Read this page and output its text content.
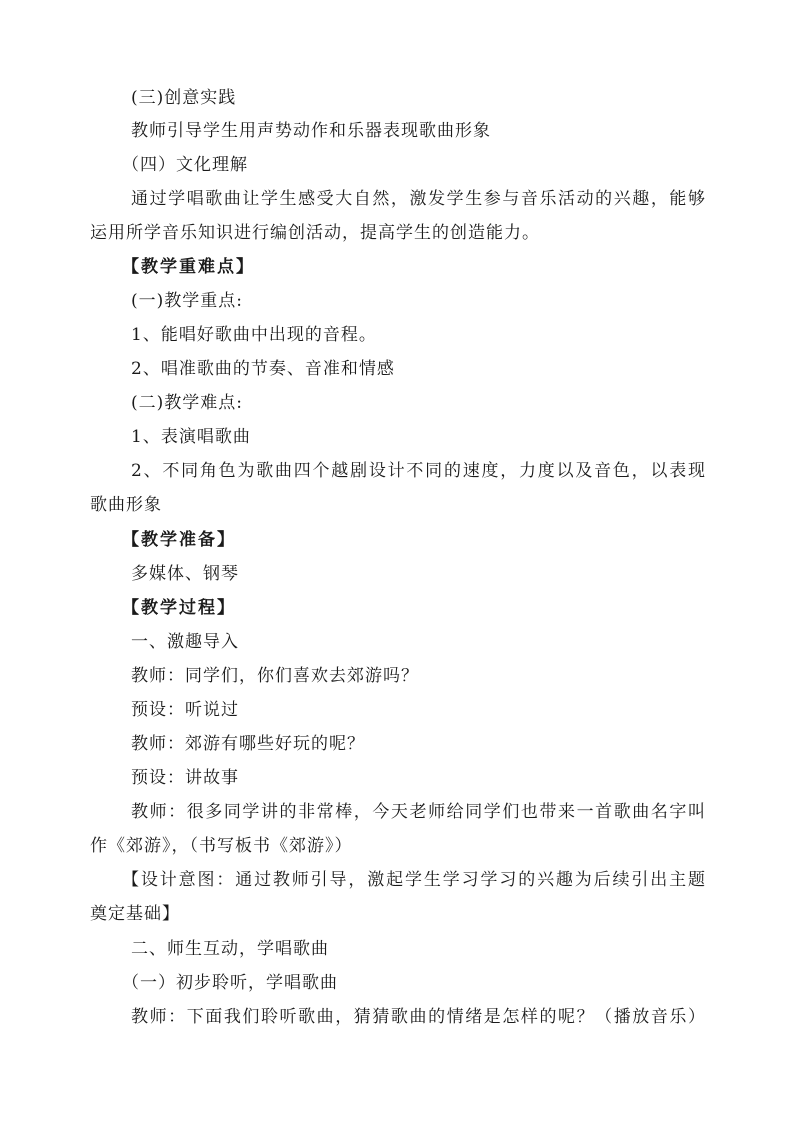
(三)创意实践
教师引导学生用声势动作和乐器表现歌曲形象
（四）文化理解
通过学唱歌曲让学生感受大自然，激发学生参与音乐活动的兴趣，能够
运用所学音乐知识进行编创活动，提高学生的创造能力。
【教学重难点】
(一)教学重点:
1、能唱好歌曲中出现的音程。
2、唱准歌曲的节奏、音准和情感
(二)教学难点:
1、表演唱歌曲
2、不同角色为歌曲四个越剧设计不同的速度，力度以及音色，以表现
歌曲形象
【教学准备】
多媒体、钢琴
【教学过程】
一、激趣导入
教师：同学们，你们喜欢去郊游吗？
预设：听说过
教师：郊游有哪些好玩的呢？
预设：讲故事
教师：很多同学讲的非常棒，今天老师给同学们也带来一首歌曲名字叫
作《郊游》，（书写板书《郊游》）
【设计意图：通过教师引导，激起学生学习学习的兴趣为后续引出主题
奠定基础】
二、师生互动，学唱歌曲
（一）初步聆听，学唱歌曲
教师：下面我们聆听歌曲，猜猜歌曲的情绪是怎样的呢？（播放音乐）
